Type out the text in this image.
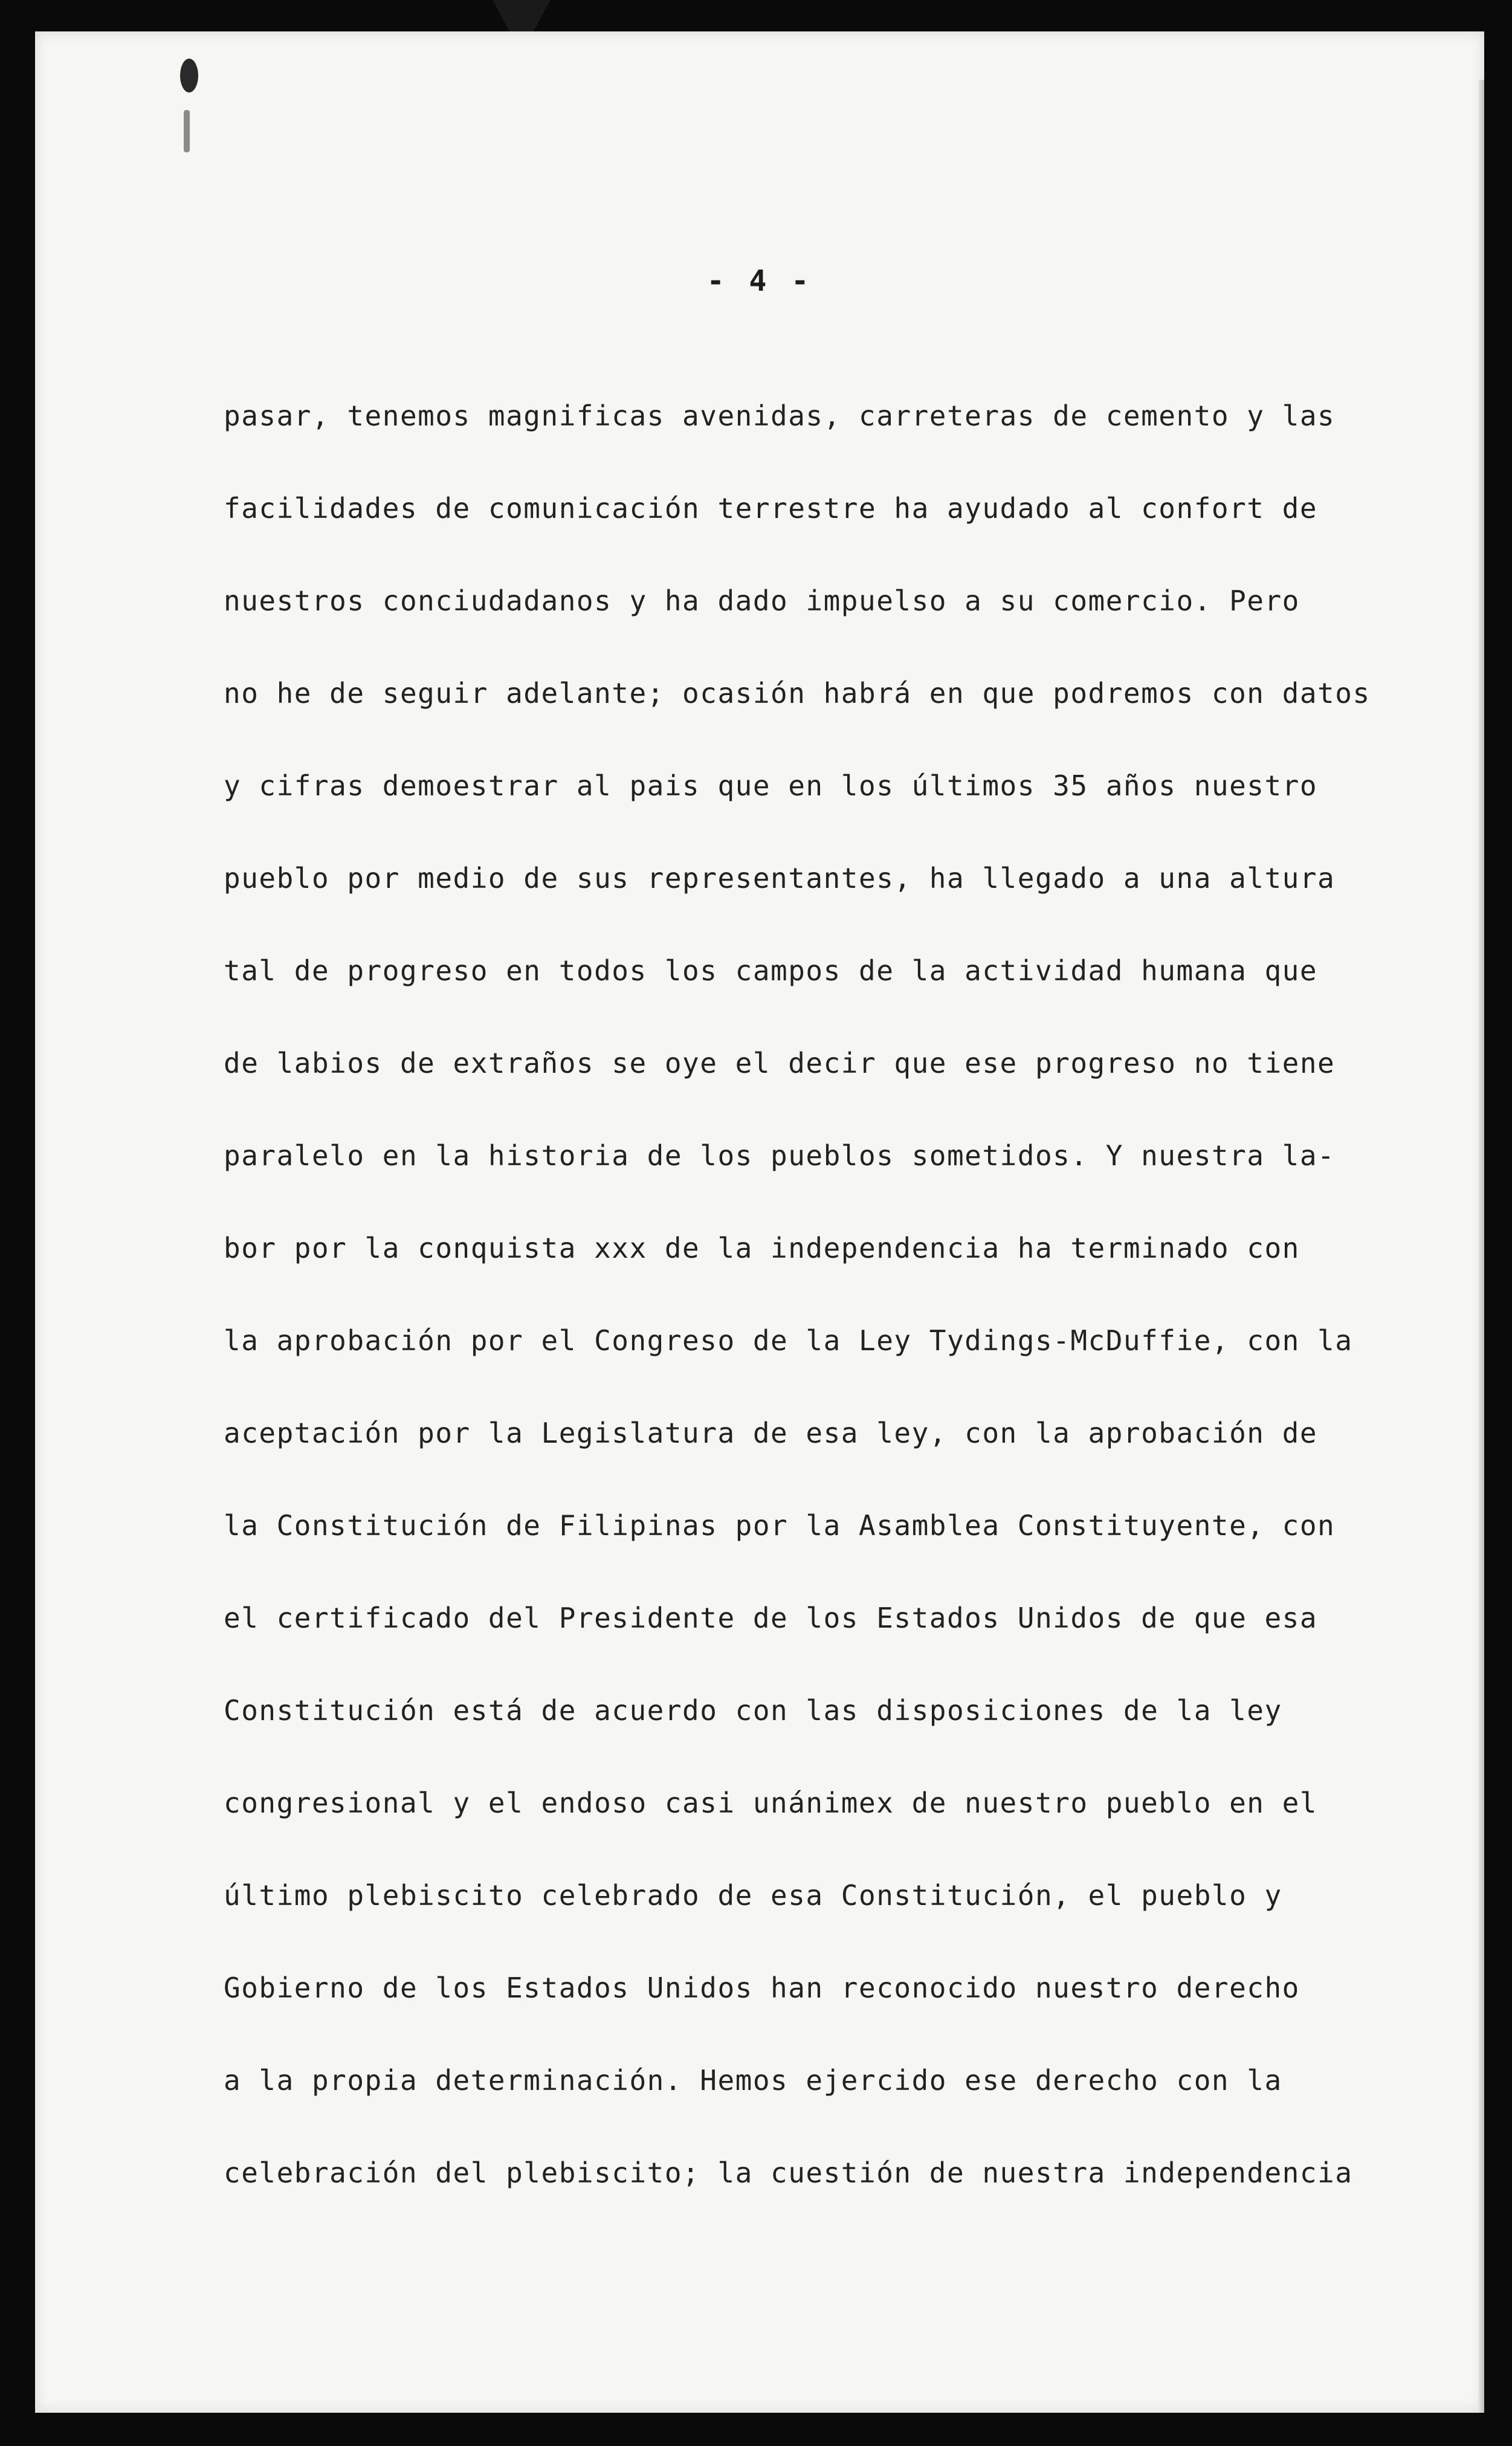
- 4 -
pasar, tenemos magnificas avenidas, carreteras de cemento y las
facilidades de comunicación terrestre ha ayudado al confort de
nuestros conciudadanos y ha dado impuelso a su comercio. Pero
no he de seguir adelante; ocasión habrá en que podremos con datos
y cifras demoestrar al pais que en los últimos 35 años nuestro
pueblo por medio de sus representantes, ha llegado a una altura
tal de progreso en todos los campos de la actividad humana que
de labios de extraños se oye el decir que ese progreso no tiene
paralelo en la historia de los pueblos sometidos. Y nuestra la-
bor por la conquista xxx de la independencia ha terminado con
la aprobación por el Congreso de la Ley Tydings-McDuffie, con la
aceptación por la Legislatura de esa ley, con la aprobación de
la Constitución de Filipinas por la Asamblea Constituyente, con
el certificado del Presidente de los Estados Unidos de que esa
Constitución está de acuerdo con las disposiciones de la ley
congresional y el endoso casi unánimex de nuestro pueblo en el
último plebiscito celebrado de esa Constitución, el pueblo y
Gobierno de los Estados Unidos han reconocido nuestro derecho
a la propia determinación. Hemos ejercido ese derecho con la
celebración del plebiscito; la cuestión de nuestra independencia
